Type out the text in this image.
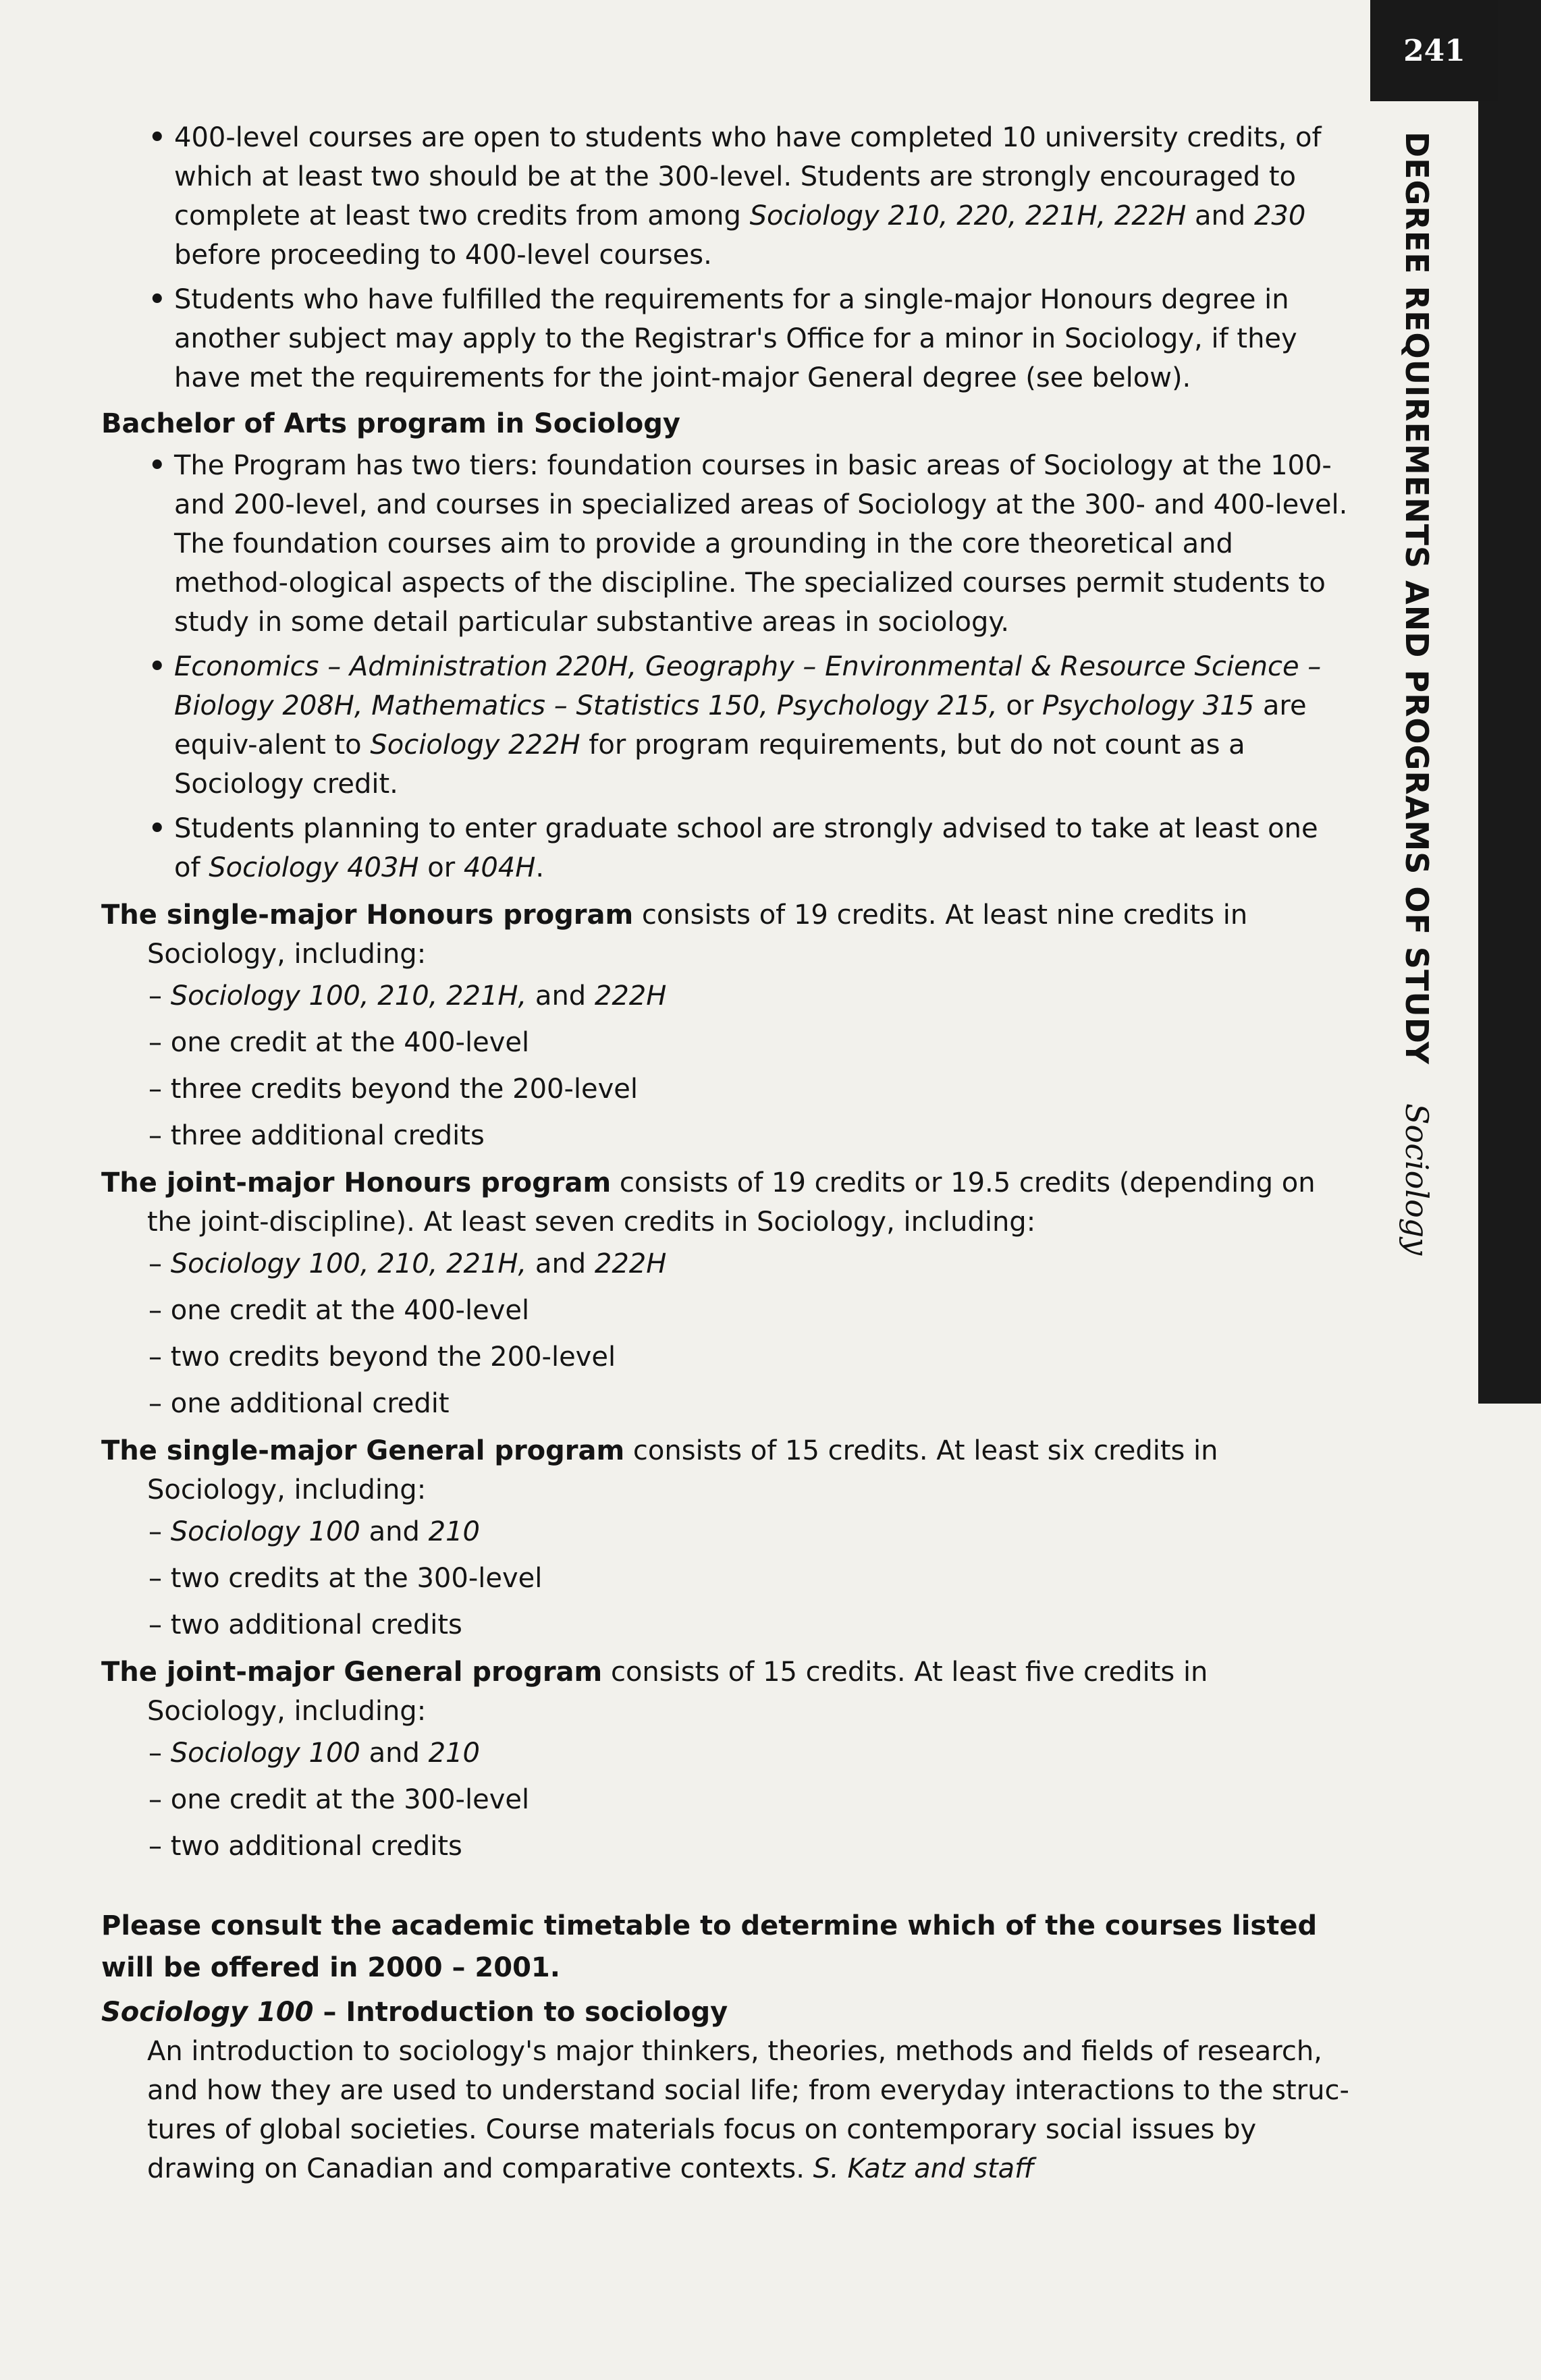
241
DEGREE REQUIREMENTS AND PROGRAMS OF STUDY Sociology
• 400-level courses are open to students who have completed 10 university credits, of which at least two should be at the 300-level. Students are strongly encouraged to complete at least two credits from among Sociology 210, 220, 221H, 222H and 230 before proceeding to 400-level courses.
• Students who have fulfilled the requirements for a single-major Honours degree in another subject may apply to the Registrar's Office for a minor in Sociology, if they have met the requirements for the joint-major General degree (see below).
Bachelor of Arts program in Sociology
• The Program has two tiers: foundation courses in basic areas of Sociology at the 100- and 200-level, and courses in specialized areas of Sociology at the 300- and 400-level. The foundation courses aim to provide a grounding in the core theoretical and method-ological aspects of the discipline. The specialized courses permit students to study in some detail particular substantive areas in sociology.
• Economics – Administration 220H, Geography – Environmental & Resource Science – Biology 208H, Mathematics – Statistics 150, Psychology 215, or Psychology 315 are equiv-alent to Sociology 222H for program requirements, but do not count as a Sociology credit.
• Students planning to enter graduate school are strongly advised to take at least one of Sociology 403H or 404H.
The single-major Honours program consists of 19 credits. At least nine credits in Sociology, including:
– Sociology 100, 210, 221H, and 222H
– one credit at the 400-level
– three credits beyond the 200-level
– three additional credits
The joint-major Honours program consists of 19 credits or 19.5 credits (depending on the joint-discipline). At least seven credits in Sociology, including:
– Sociology 100, 210, 221H, and 222H
– one credit at the 400-level
– two credits beyond the 200-level
– one additional credit
The single-major General program consists of 15 credits. At least six credits in Sociology, including:
– Sociology 100 and 210
– two credits at the 300-level
– two additional credits
The joint-major General program consists of 15 credits. At least five credits in Sociology, including:
– Sociology 100 and 210
– one credit at the 300-level
– two additional credits
Please consult the academic timetable to determine which of the courses listed will be offered in 2000 – 2001.
Sociology 100 – Introduction to sociology
An introduction to sociology's major thinkers, theories, methods and fields of research, and how they are used to understand social life; from everyday interactions to the struc-tures of global societies. Course materials focus on contemporary social issues by drawing on Canadian and comparative contexts. S. Katz and staff
